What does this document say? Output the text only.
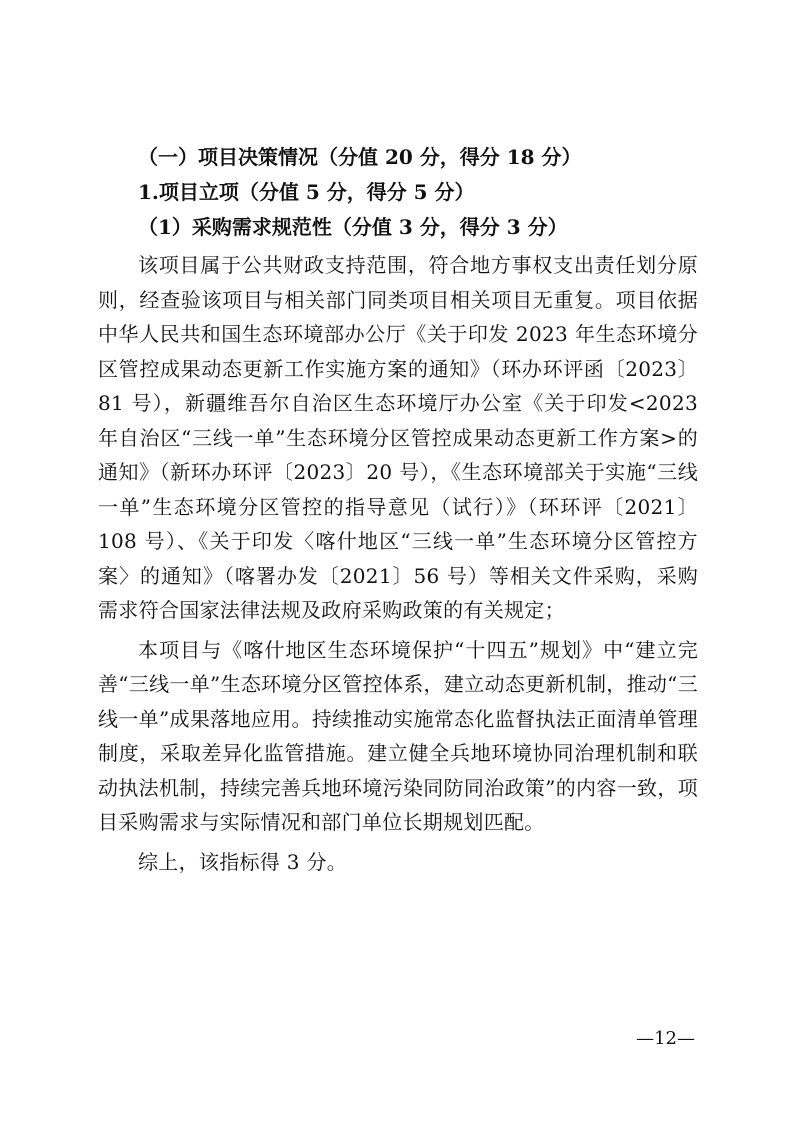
（一）项目决策情况（分值 20 分，得分 18 分）

1.项目立项（分值 5 分，得分 5 分）

（1）采购需求规范性（分值 3 分，得分 3 分）

该项目属于公共财政支持范围，符合地方事权支出责任划分原则，经查验该项目与相关部门同类项目相关项目无重复。项目依据中华人民共和国生态环境部办公厅《关于印发 2023 年生态环境分区管控成果动态更新工作实施方案的通知》（环办环评函〔2023〕81 号），新疆维吾尔自治区生态环境厅办公室《关于印发<2023 年自治区“三线一单”生态环境分区管控成果动态更新工作方案>的通知》（新环办环评〔2023〕20 号），《生态环境部关于实施“三线一单”生态环境分区管控的指导意见（试行）》（环环评〔2021〕108 号）、《关于印发〈喀什地区“三线一单”生态环境分区管控方案〉的通知》（喀署办发〔2021〕56 号）等相关文件采购，采购需求符合国家法律法规及政府采购政策的有关规定；

本项目与《喀什地区生态环境保护“十四五”规划》中“建立完善“三线一单”生态环境分区管控体系，建立动态更新机制，推动“三线一单”成果落地应用。持续推动实施常态化监督执法正面清单管理制度，采取差异化监管措施。建立健全兵地环境协同治理机制和联动执法机制，持续完善兵地环境污染同防同治政策”的内容一致，项目采购需求与实际情况和部门单位长期规划匹配。

综上，该指标得 3 分。

—12—
